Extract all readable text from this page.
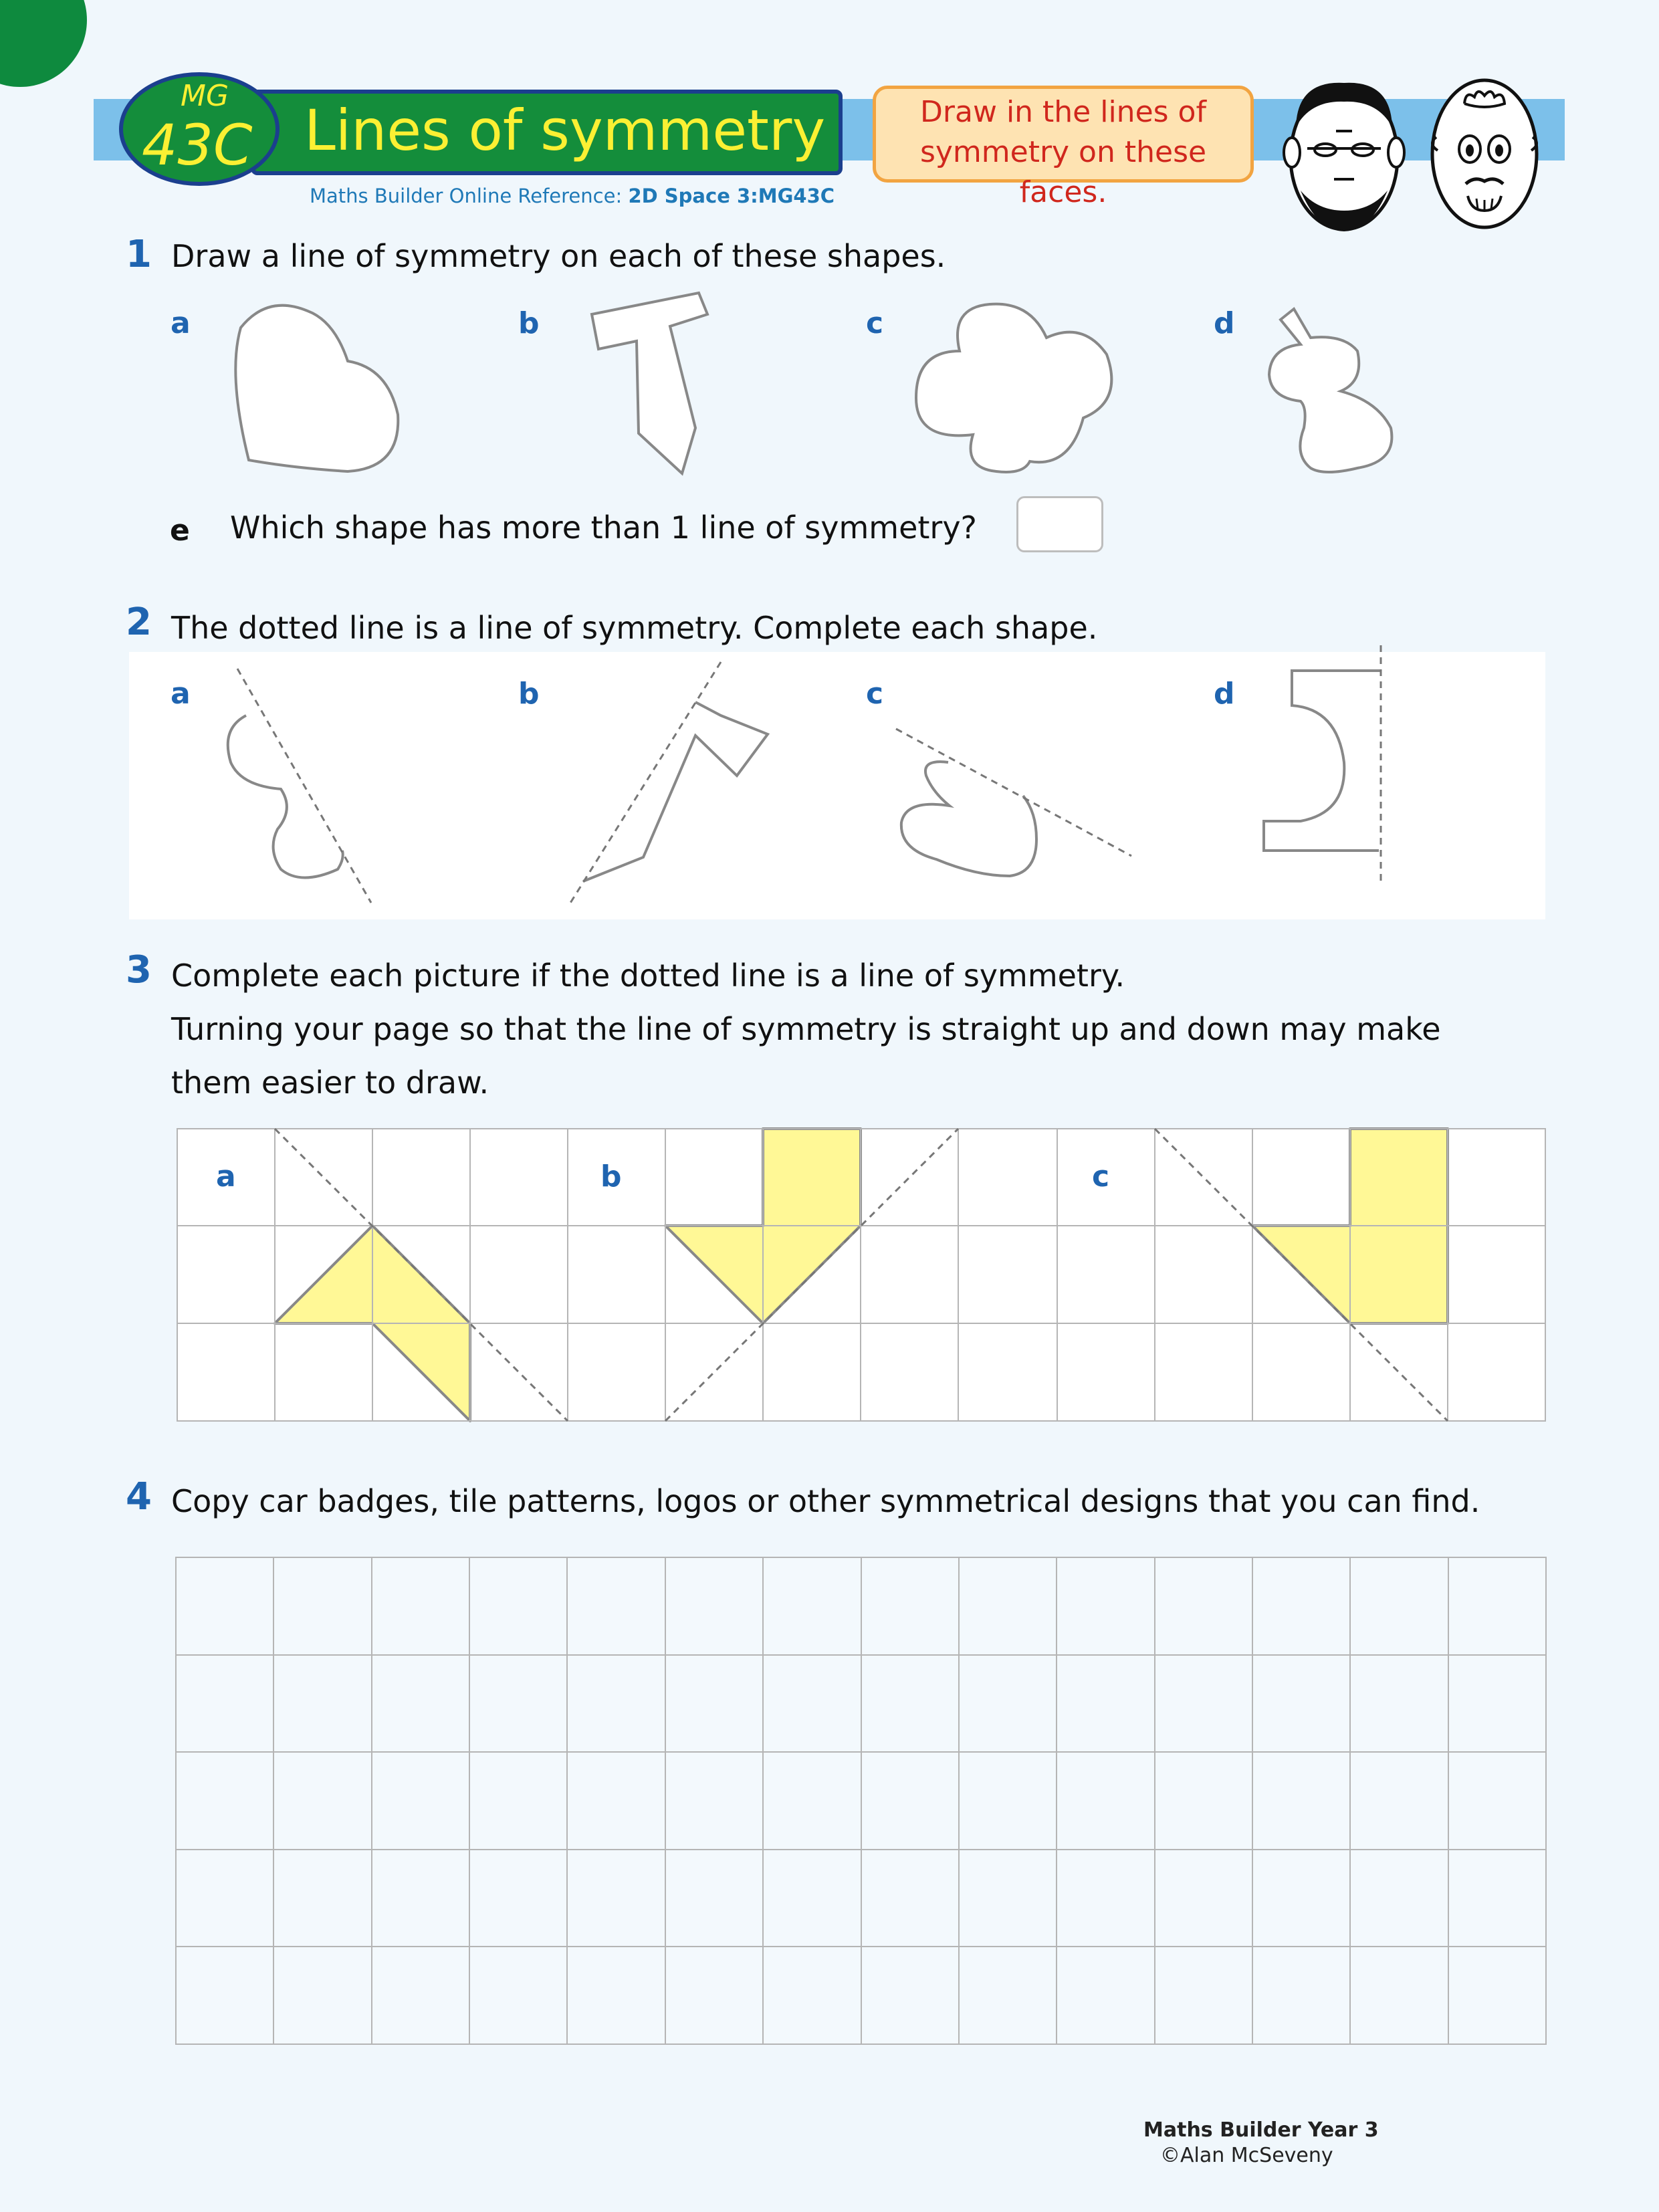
Lines of symmetry
MG
43C
Maths Builder Online Reference: 2D Space 3:MG43C
Draw in the lines of
symmetry on these faces.
1 Draw a line of symmetry on each of these shapes.
a	b	c	d
e Which shape has more than 1 line of symmetry?
2 The dotted line is a line of symmetry. Complete each shape.
a	b	c	d
3 Complete each picture if the dotted line is a line of symmetry.
Turning your page so that the line of symmetry is straight up and down may make
them easier to draw.
a	b	c
4 Copy car badges, tile patterns, logos or other symmetrical designs that you can find.
Maths Builder Year 3
©Alan McSeveny
